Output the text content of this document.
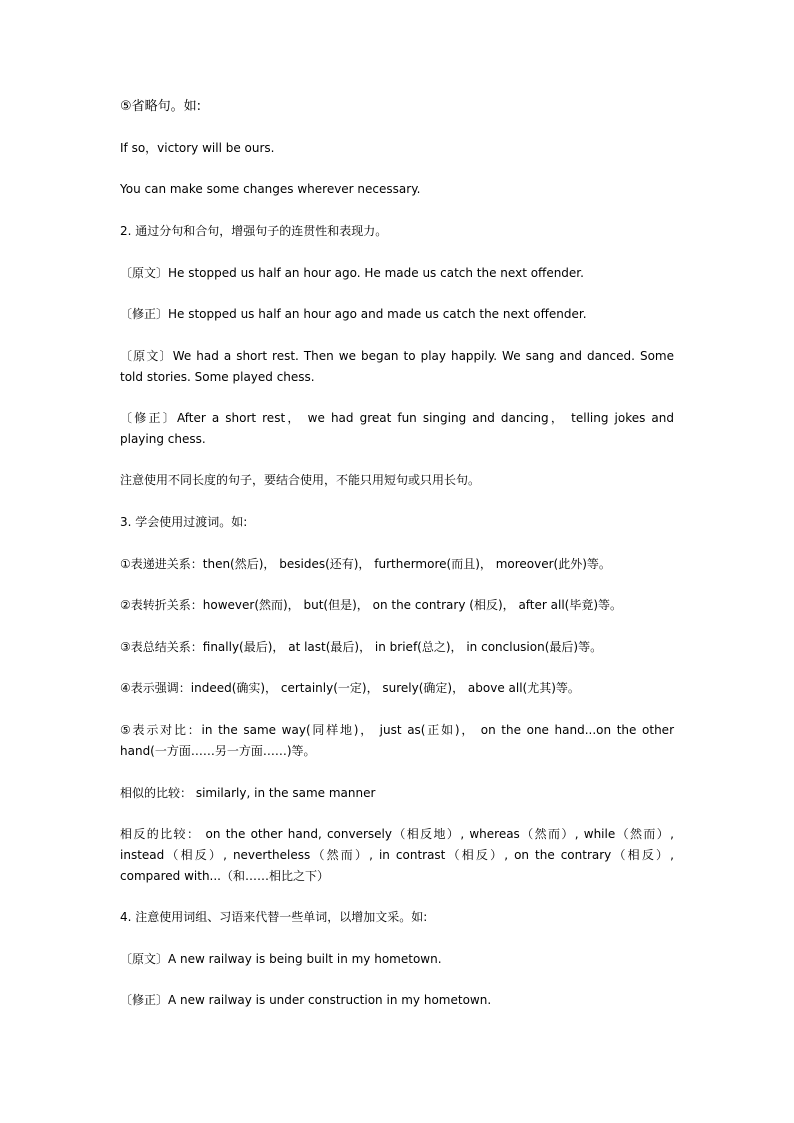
⑤省略句。如:
If so，victory will be ours.
You can make some changes wherever necessary.
2. 通过分句和合句，增强句子的连贯性和表现力。
〔原文〕He stopped us half an hour ago. He made us catch the next offender.
〔修正〕He stopped us half an hour ago and made us catch the next offender.
〔原文〕We had a short rest. Then we began to play happily. We sang and danced. Some told stories. Some played chess.
〔修正〕After a short rest， we had great fun singing and dancing， telling jokes and playing chess.
注意使用不同长度的句子，要结合使用，不能只用短句或只用长句。
3. 学会使用过渡词。如:
①表递进关系：then(然后)， besides(还有)， furthermore(而且)， moreover(此外)等。
②表转折关系：however(然而)， but(但是)， on the contrary (相反)， after all(毕竟)等。
③表总结关系：finally(最后)， at last(最后)， in brief(总之)， in conclusion(最后)等。
④表示强调：indeed(确实)， certainly(一定)， surely(确定)， above all(尤其)等。
⑤表示对比：in the same way(同样地)， just as(正如)， on the one hand...on the other hand(一方面……另一方面……)等。
相似的比较： similarly, in the same manner
相反的比较： on the other hand, conversely（相反地）, whereas（然而）, while（然而）, instead（相反）, nevertheless（然而）, in contrast（相反）, on the contrary（相反）, compared with...（和……相比之下）
4. 注意使用词组、习语来代替一些单词，以增加文采。如:
〔原文〕A new railway is being built in my hometown.
〔修正〕A new railway is under construction in my hometown.
